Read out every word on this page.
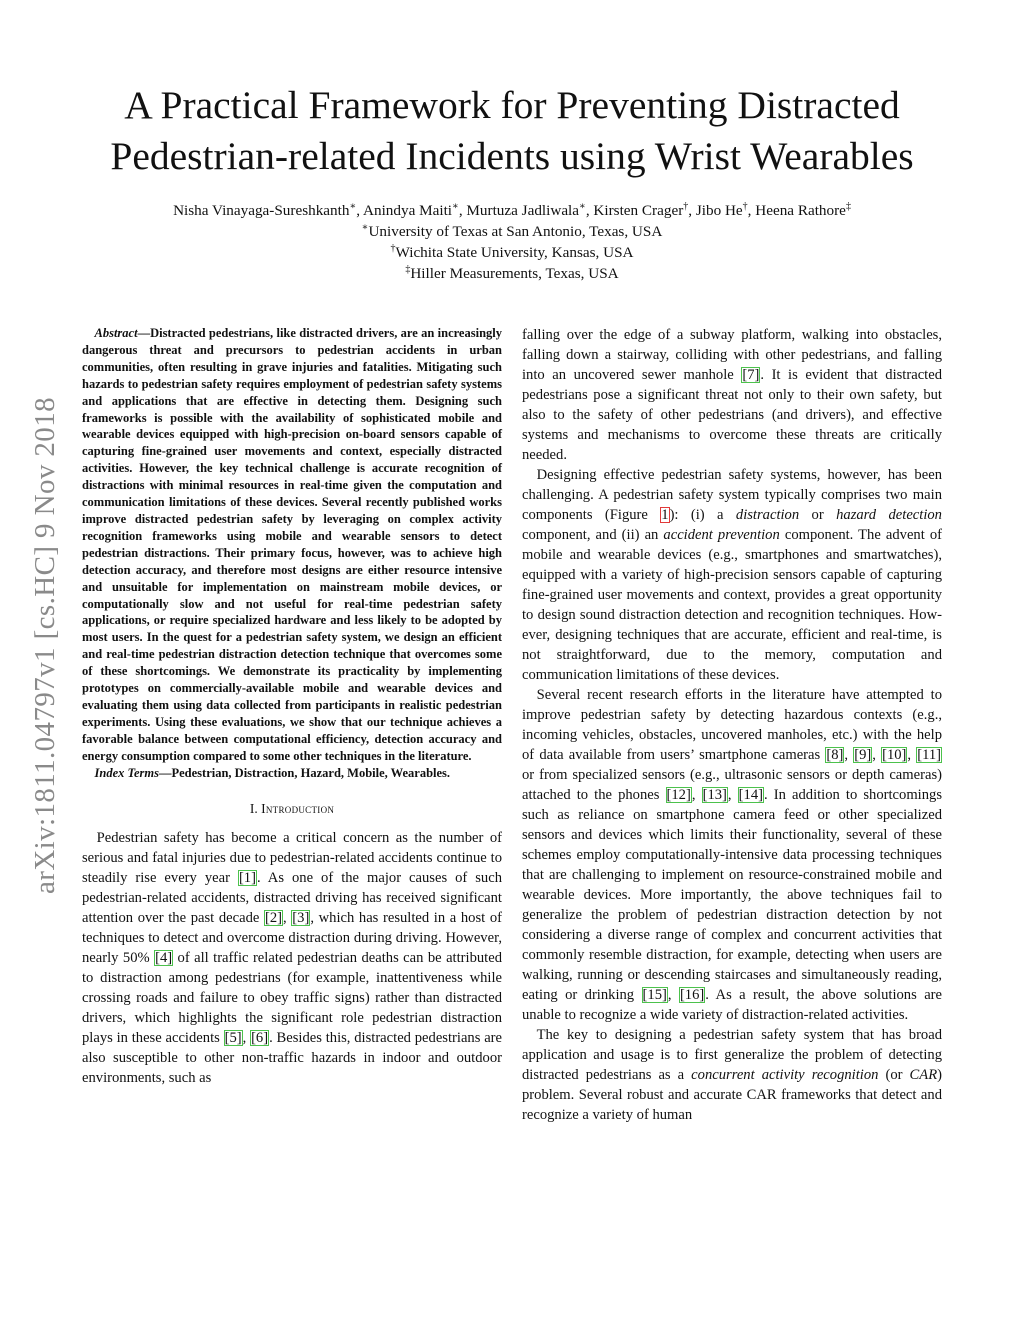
arXiv:1811.04797v1 [cs.HC] 9 Nov 2018
A Practical Framework for Preventing Distracted
Pedestrian-related Incidents using Wrist Wearables
Nisha Vinayaga-Sureshkanth∗, Anindya Maiti∗, Murtuza Jadliwala∗, Kirsten Crager†, Jibo He†, Heena Rathore‡
∗University of Texas at San Antonio, Texas, USA
†Wichita State University, Kansas, USA
‡Hiller Measurements, Texas, USA

Abstract—Distracted pedestrians, like distracted drivers, are an increasingly dangerous threat and precursors to pedestrian accidents in urban communities, often resulting in grave injuries and fatalities. Mitigating such hazards to pedestrian safety requires employment of pedestrian safety systems and applications that are effective in detecting them. Designing such frameworks is possible with the availability of sophisticated mobile and wearable devices equipped with high-precision on-board sensors capable of capturing fine-grained user movements and context, especially distracted activities. However, the key technical challenge is accurate recognition of distractions with minimal resources in real-time given the computation and communication limitations of these devices. Several recently published works improve distracted pedestrian safety by leveraging on complex activity recognition frameworks using mobile and wearable sensors to detect pedestrian distractions. Their primary focus, however, was to achieve high detection accuracy, and therefore most designs are either resource intensive and unsuitable for implementation on mainstream mobile devices, or computationally slow and not useful for real-time pedestrian safety applications, or require specialized hardware and less likely to be adopted by most users. In the quest for a pedestrian safety system, we design an efficient and real-time pedestrian distraction detection technique that overcomes some of these shortcomings. We demonstrate its practicality by implementing prototypes on commercially-available mobile and wearable devices and evaluating them using data collected from participants in realistic pedestrian experiments. Using these evaluations, we show that our technique achieves a favorable balance between computational efficiency, detection accuracy and energy consumption compared to some other techniques in the literature.

Index Terms—Pedestrian, Distraction, Hazard, Mobile, Wearables.

I. Introduction

Pedestrian safety has become a critical concern as the number of serious and fatal injuries due to pedestrian-related accidents continue to steadily rise every year [1]. As one of the major causes of such pedestrian-related accidents, distracted driving has received significant attention over the past decade [2], [3], which has resulted in a host of techniques to detect and overcome distraction during driving. However, nearly 50% [4] of all traffic related pedestrian deaths can be attributed to distraction among pedestrians (for example, inattentiveness while crossing roads and failure to obey traffic signs) rather than distracted drivers, which highlights the significant role pedestrian distraction plays in these accidents [5], [6]. Besides this, distracted pedestrians are also susceptible to other non-traffic hazards in indoor and outdoor environments, such as

falling over the edge of a subway platform, walking into obstacles, falling down a stairway, colliding with other pedestrians, and falling into an uncovered sewer manhole [7]. It is evident that distracted pedestrians pose a significant threat not only to their own safety, but also to the safety of other pedestrians (and drivers), and effective systems and mechanisms to overcome these threats are critically needed.

Designing effective pedestrian safety systems, however, has been challenging. A pedestrian safety system typically comprises two main components (Figure 1): (i) a distraction or hazard detection component, and (ii) an accident prevention component. The advent of mobile and wearable devices (e.g., smartphones and smartwatches), equipped with a variety of high-precision sensors capable of capturing fine-grained user movements and context, provides a great opportunity to design sound distraction detection and recognition techniques. However, designing techniques that are accurate, efficient and real-time, is not straightforward, due to the memory, computation and communication limitations of these devices.

Several recent research efforts in the literature have attempted to improve pedestrian safety by detecting hazardous contexts (e.g., incoming vehicles, obstacles, uncovered manholes, etc.) with the help of data available from users’ smartphone cameras [8], [9], [10], [11] or from specialized sensors (e.g., ultrasonic sensors or depth cameras) attached to the phones [12], [13], [14]. In addition to shortcomings such as reliance on smartphone camera feed or other specialized sensors and devices which limits their functionality, several of these schemes employ computationally-intensive data processing techniques that are challenging to implement on resource-constrained mobile and wearable devices. More importantly, the above techniques fail to generalize the problem of pedestrian distraction detection by not considering a diverse range of complex and concurrent activities that commonly resemble distraction, for example, detecting when users are walking, running or descending staircases and simultaneously reading, eating or drinking [15], [16]. As a result, the above solutions are unable to recognize a wide variety of distraction-related activities.

The key to designing a pedestrian safety system that has broad application and usage is to first generalize the problem of detecting distracted pedestrians as a concurrent activity recognition (or CAR) problem. Several robust and accurate CAR frameworks that detect and recognize a variety of human
